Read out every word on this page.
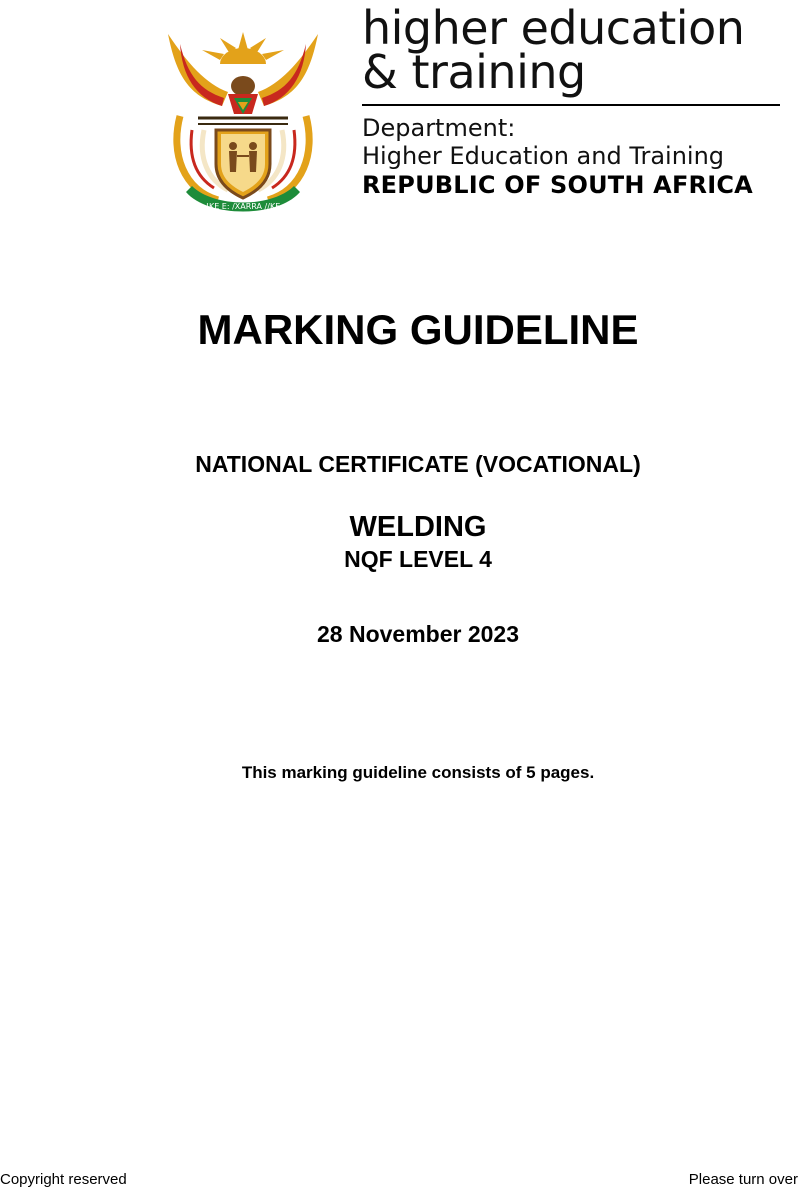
!KE E: /XARRA //KE
higher education
& training
Department:
Higher Education and Training
REPUBLIC OF SOUTH AFRICA
MARKING GUIDELINE
NATIONAL CERTIFICATE (VOCATIONAL)
WELDING
NQF LEVEL 4
28 November 2023
This marking guideline consists of 5 pages.
Copyright reserved	Please turn over
